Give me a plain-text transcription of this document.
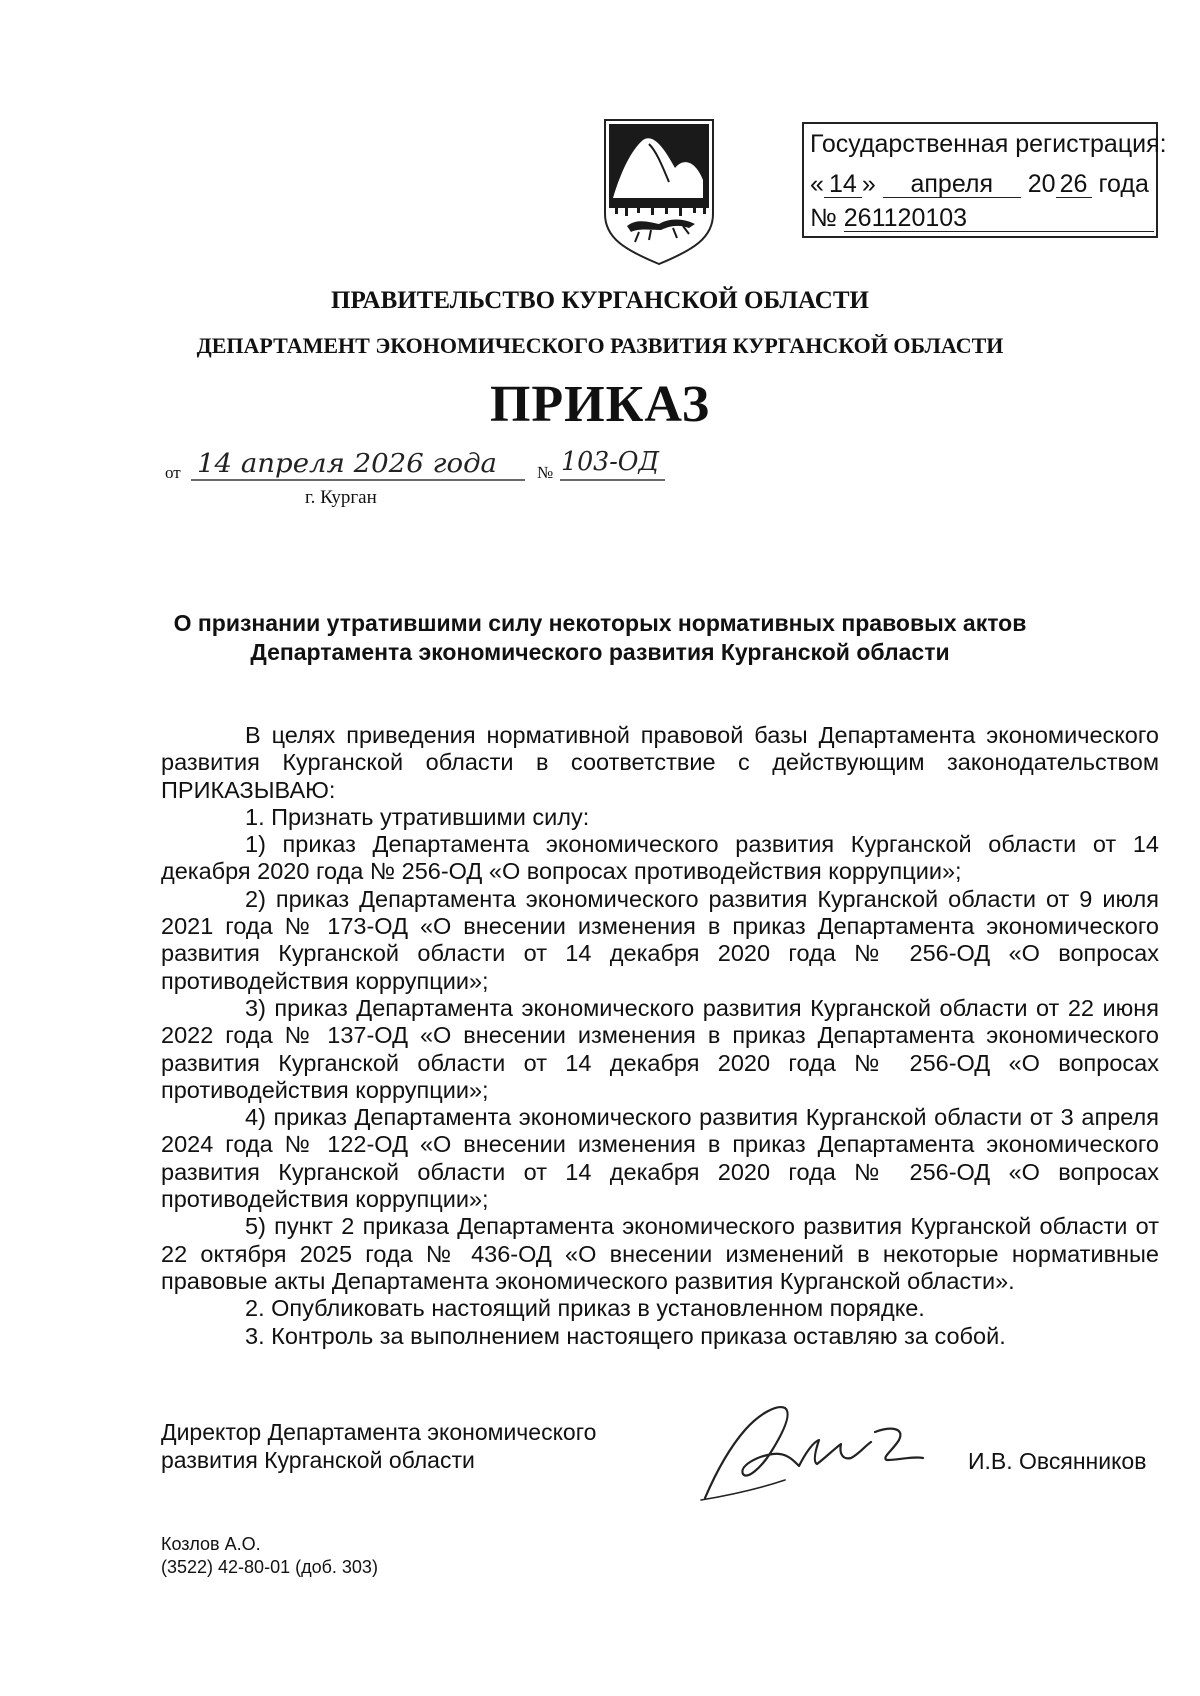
Государственная регистрация:
« 14 » апреля 20 26 года
№ 261120103
ПРАВИТЕЛЬСТВО КУРГАНСКОЙ ОБЛАСТИ
ДЕПАРТАМЕНТ ЭКОНОМИЧЕСКОГО РАЗВИТИЯ КУРГАНСКОЙ ОБЛАСТИ
ПРИКАЗ
от 14 апреля 2026 года № 103-ОД
г. Курган
О признании утратившими силу некоторых нормативных правовых актов
Департамента экономического развития Курганской области

В целях приведения нормативной правовой базы Департамента экономического развития Курганской области в соответствие с действующим законодательством ПРИКАЗЫВАЮ:

1. Признать утратившими силу:

1) приказ Департамента экономического развития Курганской области от 14 декабря 2020 года № 256-ОД «О вопросах противодействия коррупции»;

2) приказ Департамента экономического развития Курганской области от 9 июля 2021 года № 173-ОД «О внесении изменения в приказ Департамента экономического развития Курганской области от 14 декабря 2020 года № 256-ОД «О вопросах противодействия коррупции»;

3) приказ Департамента экономического развития Курганской области от 22 июня 2022 года № 137-ОД «О внесении изменения в приказ Департамента экономического развития Курганской области от 14 декабря 2020 года № 256-ОД «О вопросах противодействия коррупции»;

4) приказ Департамента экономического развития Курганской области от 3 апреля 2024 года № 122-ОД «О внесении изменения в приказ Департамента экономического развития Курганской области от 14 декабря 2020 года № 256-ОД «О вопросах противодействия коррупции»;

5) пункт 2 приказа Департамента экономического развития Курганской области от 22 октября 2025 года № 436-ОД «О внесении изменений в некоторые нормативные правовые акты Департамента экономического развития Курганской области».

2. Опубликовать настоящий приказ в установленном порядке.

3. Контроль за выполнением настоящего приказа оставляю за собой.

Директор Департамента экономического
развития Курганской области	И.В. Овсянников
Козлов А.О.
(3522) 42-80-01 (доб. 303)
